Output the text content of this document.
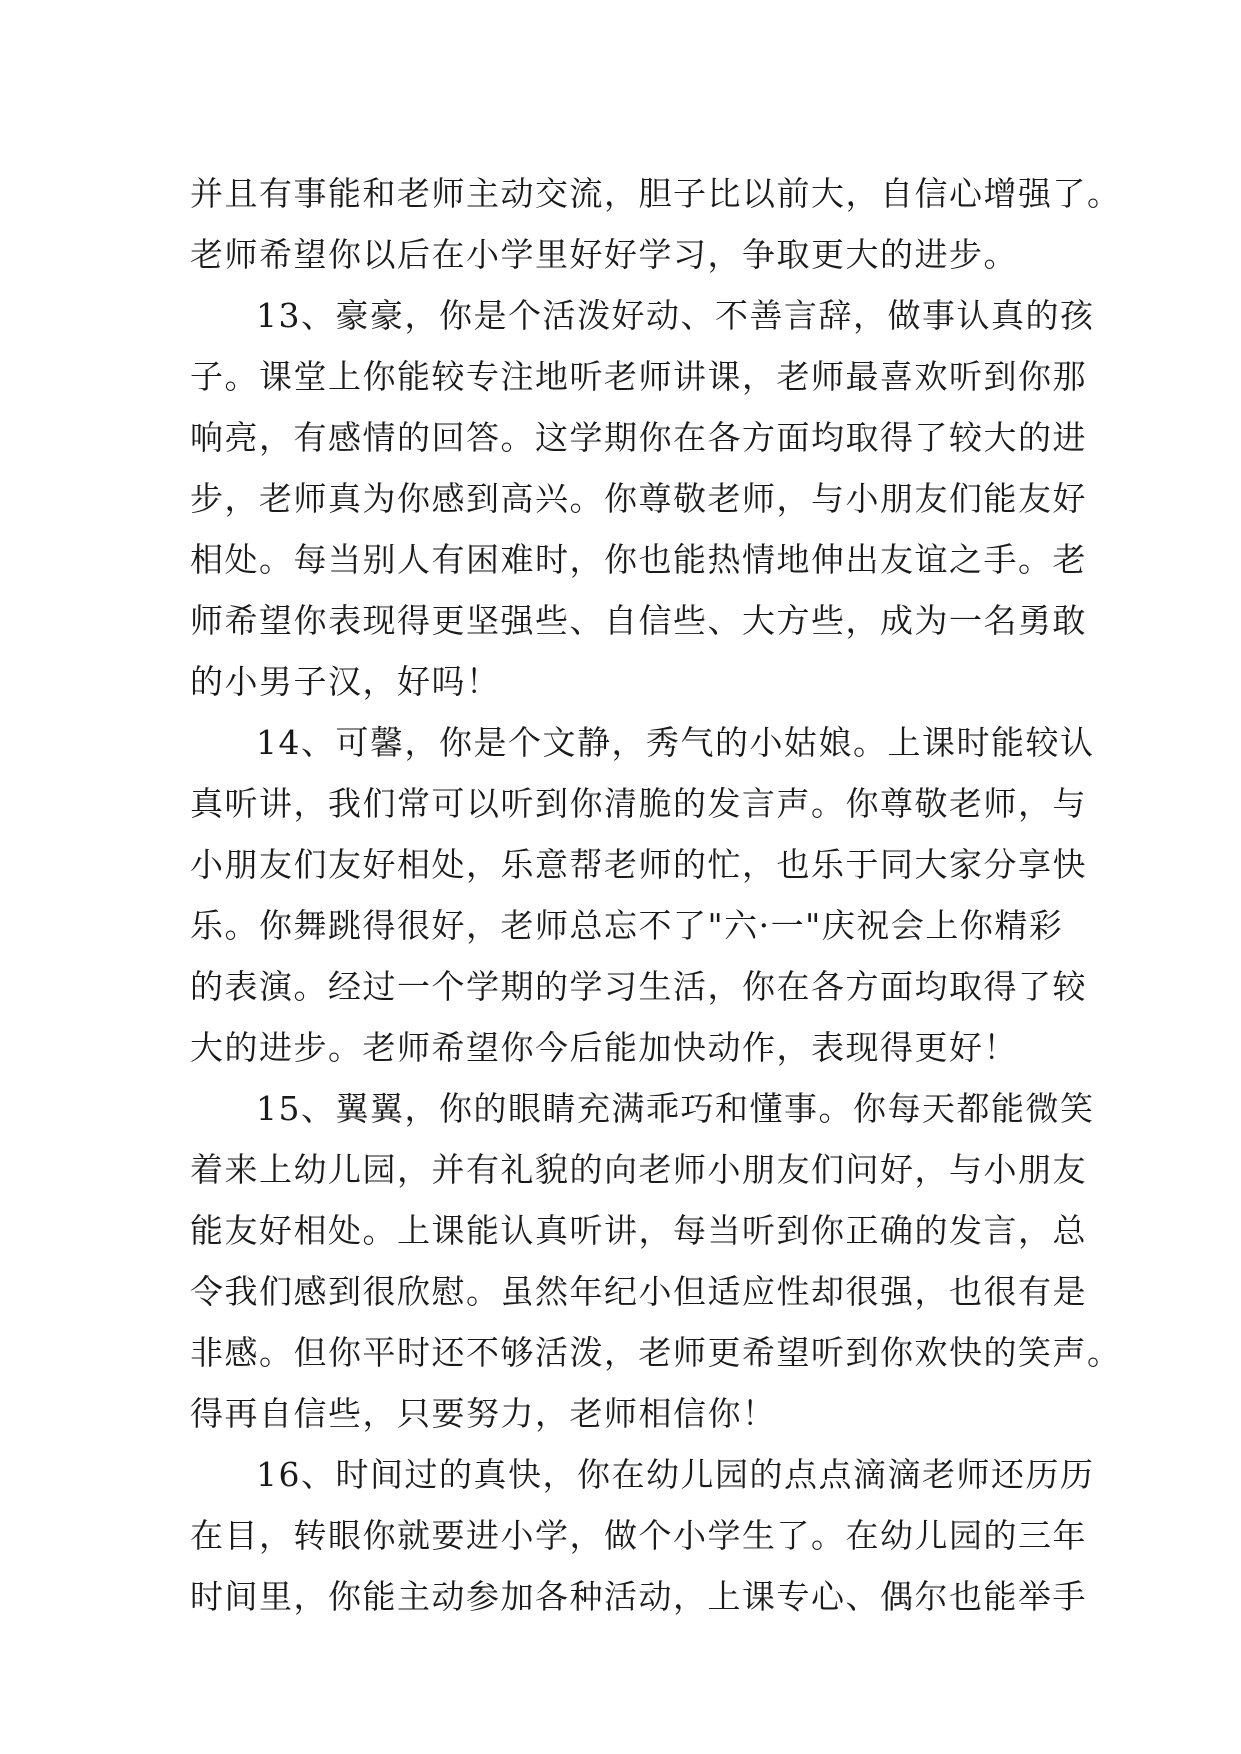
并且有事能和老师主动交流，胆子比以前大，自信心增强了。
老师希望你以后在小学里好好学习，争取更大的进步。
13、豪豪，你是个活泼好动、不善言辞，做事认真的孩
子。课堂上你能较专注地听老师讲课，老师最喜欢听到你那
响亮，有感情的回答。这学期你在各方面均取得了较大的进
步，老师真为你感到高兴。你尊敬老师，与小朋友们能友好
相处。每当别人有困难时，你也能热情地伸出友谊之手。老
师希望你表现得更坚强些、自信些、大方些，成为一名勇敢
的小男子汉，好吗！
14、可馨，你是个文静，秀气的小姑娘。上课时能较认
真听讲，我们常可以听到你清脆的发言声。你尊敬老师，与
小朋友们友好相处，乐意帮老师的忙，也乐于同大家分享快
乐。你舞跳得很好，老师总忘不了"六·一"庆祝会上你精彩
的表演。经过一个学期的学习生活，你在各方面均取得了较
大的进步。老师希望你今后能加快动作，表现得更好！
15、翼翼，你的眼睛充满乖巧和懂事。你每天都能微笑
着来上幼儿园，并有礼貌的向老师小朋友们问好，与小朋友
能友好相处。上课能认真听讲，每当听到你正确的发言，总
令我们感到很欣慰。虽然年纪小但适应性却很强，也很有是
非感。但你平时还不够活泼，老师更希望听到你欢快的笑声。
得再自信些，只要努力，老师相信你！
16、时间过的真快，你在幼儿园的点点滴滴老师还历历
在目，转眼你就要进小学，做个小学生了。在幼儿园的三年
时间里，你能主动参加各种活动，上课专心、偶尔也能举手
